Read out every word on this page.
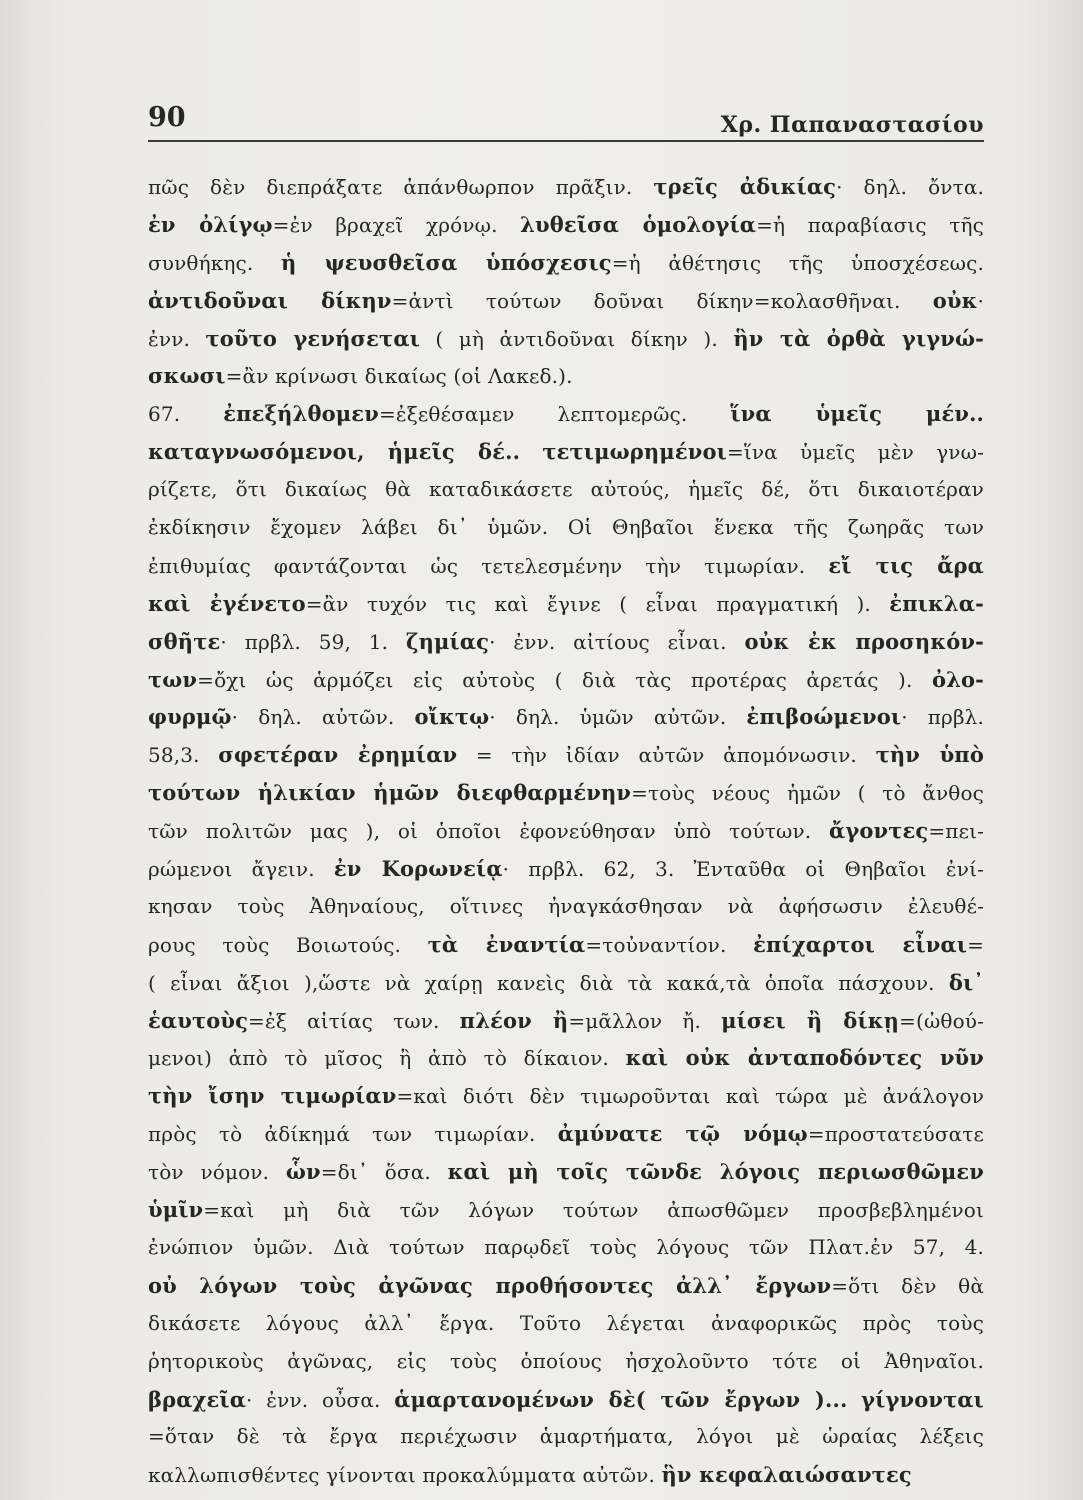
90	Χρ. Παπαναστασίου
πῶς δὲν διεπράξατε ἀπάνθωρπον πρᾶξιν. τρεῖς ἀδικίας· δηλ. ὄντα.
ἐν ὀλίγῳ=ἐν βραχεῖ χρόνῳ. λυθεῖσα ὁμολογία=ἡ παραβίασις τῆς
συνθήκης. ἡ ψευσθεῖσα ὑπόσχεσις=ἡ ἀθέτησις τῆς ὑποσχέσεως.
ἀντιδοῦναι δίκην=ἀντὶ τούτων δοῦναι δίκην=κολασθῆναι. οὐκ·
ἐνν. τοῦτο γενήσεται ( μὴ ἀντιδοῦναι δίκην ). ἣν τὰ ὀρθὰ γιγνώ-
σκωσι=ἂν κρίνωσι δικαίως (οἱ Λακεδ.).
67. ἐπεξήλθομεν=ἐξεθέσαμεν λεπτομερῶς. ἵνα ὑμεῖς μέν..
καταγνωσόμενοι, ἡμεῖς δέ.. τετιμωρημένοι=ἵνα ὑμεῖς μὲν γνω-
ρίζετε, ὅτι δικαίως θὰ καταδικάσετε αὐτούς, ἡμεῖς δέ, ὅτι δικαιοτέραν
ἐκδίκησιν ἔχομεν λάβει δι᾿ ὑμῶν. Οἱ Θηβαῖοι ἕνεκα τῆς ζωηρᾶς των
ἐπιθυμίας φαντάζονται ὡς τετελεσμένην τὴν τιμωρίαν. εἴ τις ἄρα
καὶ ἐγένετο=ἂν τυχόν τις καὶ ἔγινε ( εἶναι πραγματική ). ἐπικλα-
σθῆτε· πρβλ. 59, 1. ζημίας· ἐνν. αἰτίους εἶναι. οὐκ ἐκ προσηκόν-
των=ὄχι ὡς ἁρμόζει εἰς αὐτοὺς ( διὰ τὰς προτέρας ἀρετάς ). ὀλο-
φυρμῷ· δηλ. αὐτῶν. οἴκτῳ· δηλ. ὑμῶν αὐτῶν. ἐπιβοώμενοι· πρβλ.
58,3. σφετέραν ἐρημίαν = τὴν ἰδίαν αὐτῶν ἀπομόνωσιν. τὴν ὑπὸ
τούτων ἡλικίαν ἡμῶν διεφθαρμένην=τοὺς νέους ἡμῶν ( τὸ ἄνθος
τῶν πολιτῶν μας ), οἱ ὁποῖοι ἐφονεύθησαν ὑπὸ τούτων. ἄγοντες=πει-
ρώμενοι ἄγειν. ἐν Κορωνείᾳ· πρβλ. 62, 3. Ἐνταῦθα οἱ Θηβαῖοι ἐνί-
κησαν τοὺς Ἀθηναίους, οἵτινες ἠναγκάσθησαν νὰ ἀφήσωσιν ἐλευθέ-
ρους τοὺς Βοιωτούς. τὰ ἐναντία=τοὐναντίον. ἐπίχαρτοι εἶναι=
( εἶναι ἄξιοι ),ὥστε νὰ χαίρῃ κανεὶς διὰ τὰ κακά,τὰ ὁποῖα πάσχουν. δι᾿
ἑαυτοὺς=ἐξ αἰτίας των. πλέον ἢ=μᾶλλον ἤ. μίσει ἢ δίκῃ=(ὠθού-
μενοι) ἀπὸ τὸ μῖσος ἢ ἀπὸ τὸ δίκαιον. καὶ οὐκ ἀνταποδόντες νῦν
τὴν ἴσην τιμωρίαν=καὶ διότι δὲν τιμωροῦνται καὶ τώρα μὲ ἀνάλογον
πρὸς τὸ ἀδίκημά των τιμωρίαν. ἀμύνατε τῷ νόμῳ=προστατεύσατε
τὸν νόμον. ὧν=δι᾿ ὅσα. καὶ μὴ τοῖς τῶνδε λόγοις περιωσθῶμεν
ὑμῖν=καὶ μὴ διὰ τῶν λόγων τούτων ἀπωσθῶμεν προσβεβλημένοι
ἐνώπιον ὑμῶν. Διὰ τούτων παρῳδεῖ τοὺς λόγους τῶν Πλατ.ἐν 57, 4.
οὐ λόγων τοὺς ἀγῶνας προθήσοντες ἀλλ᾿ ἔργων=ὅτι δὲν θὰ
δικάσετε λόγους ἀλλ᾿ ἔργα. Τοῦτο λέγεται ἀναφορικῶς πρὸς τοὺς
ῥητορικοὺς ἀγῶνας, εἰς τοὺς ὁποίους ἠσχολοῦντο τότε οἱ Ἀθηναῖοι.
βραχεῖα· ἐνν. οὖσα. ἁμαρτανομένων δὲ( τῶν ἔργων )... γίγνονται
=ὅταν δὲ τὰ ἔργα περιέχωσιν ἁμαρτήματα, λόγοι μὲ ὡραίας λέξεις
καλλωπισθέντες γίνονται προκαλύμματα αὐτῶν. ἣν κεφαλαιώσαντες
